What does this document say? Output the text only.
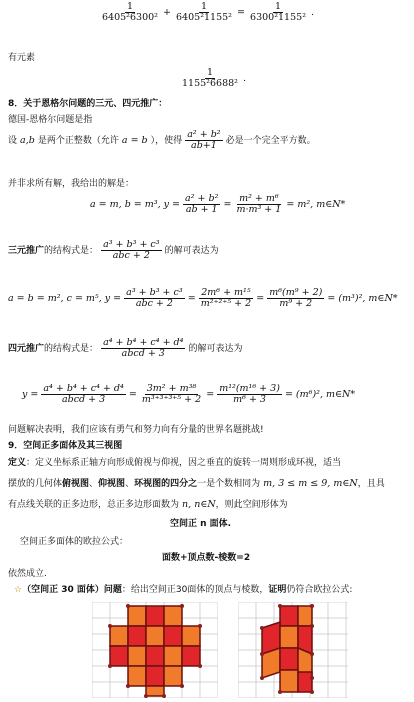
$\frac{1}{\text{6405²6300²}} + \frac{1}{\text{6405²1155²}} = \frac{1}{\text{6300²1155²}}$ .
有元素
$\frac{1}{\text{1155²6688²}}$ .
8．关于恩格尔问题的三元、四元推广：
德国-恩格尔问题是指
设 a,b 是两个正整数（允许 a = b ），使得 $\frac{\text{a² + b²}}{ab+1}$ 必是一个完全平方数。
并非求所有解，我给出的解是：
a = m, b = m³, $y = \frac{\text{a² + b²}}{ab + 1} = \frac{\text{m² + m⁶}}{\text{m·m³ + 1}} = m^2$, m∈N*
三元推广的结构式是： $\frac{\text{a³ + b³ + c³}}{\text{abc + 2}}$ 的解可表达为
a = b = m², c = m⁵, $y = \frac{\text{a³ + b³ + c³}}{\text{abc + 2}} = \frac{\text{2m⁶ + m¹⁵}}{\text{m²⁺²⁺⁵ + 2}} = \frac{\text{m⁶(m⁹ + 2)}}{\text{m⁹ + 2}} = (m^3)^2$, m∈N*
四元推广的结构式是： $\frac{\text{a⁴ + b⁴ + c⁴ + d⁴}}{\text{abcd + 3}}$ 的解可表达为
$y = \frac{\text{a⁴ + b⁴ + c⁴ + d⁴}}{\text{abcd + 3}} = \frac{\text{3m² + m³⁸}}{\text{m³⁺³⁺³⁺⁵ + 2}} = \frac{\text{m¹²(m¹⁶ + 3)}}{\text{m⁶ + 3}} = (m^6)^2$, m∈N*
问题解决表明，我们应该有勇气和努力向有分量的世界名题挑战!
9．空间正多面体及其三视图
定义：定义坐标系正轴方向形成俯视与仰视，因之垂直的旋转一周则形成环视，适当
摆放的几何体俯视图、仰视图、环视图的四分之一是个数相同为 m, 3 ≤ m ≤ 9, m∈N，且具
有点线关联的正多边形，总正多边形面数为 n, n∈N，则此空间形体为
空间正 n 面体.
空间正多面体的欧拉公式：
面数+顶点数-棱数=2
依然成立.
☆（空间正 30 面体）问题：给出空间正30面体的顶点与棱数，证明仍符合欧拉公式:
